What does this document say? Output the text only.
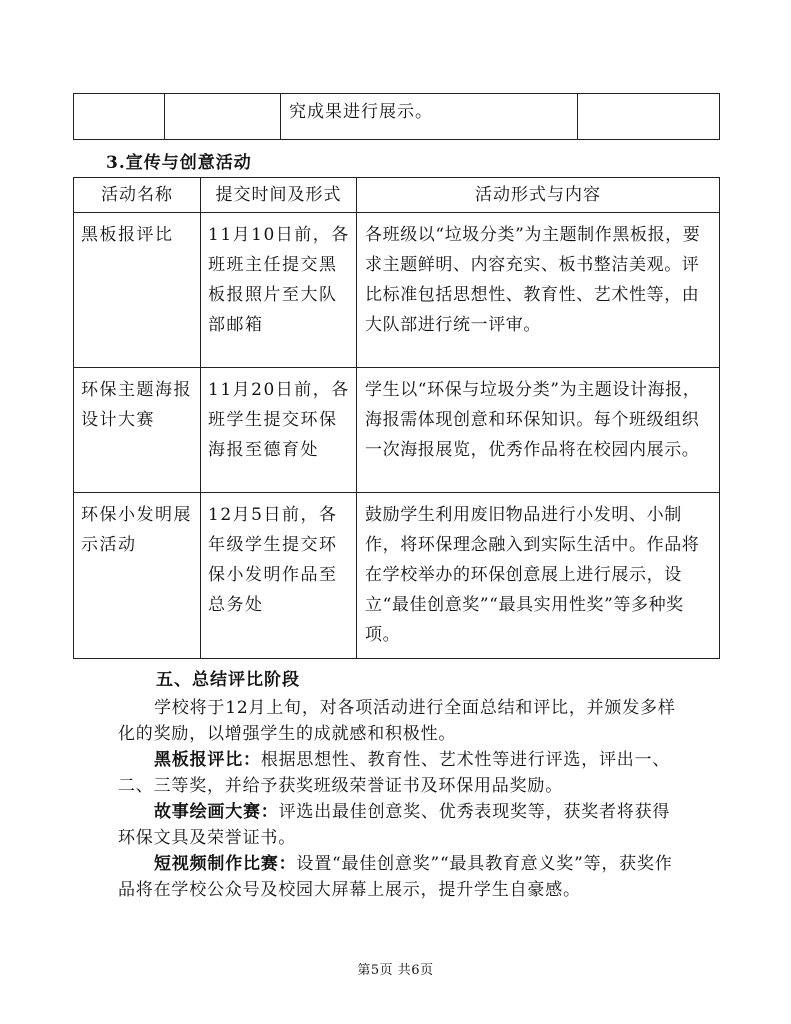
		究成果进行展示。	
3.宣传与创意活动
活动名称	提交时间及形式	活动形式与内容
黑板报评比	11月10日前，各班班主任提交黑板报照片至大队部邮箱	各班级以“垃圾分类”为主题制作黑板报，要求主题鲜明、内容充实、板书整洁美观。评比标准包括思想性、教育性、艺术性等，由大队部进行统一评审。
环保主题海报设计大赛	11月20日前，各班学生提交环保海报至德育处	学生以“环保与垃圾分类”为主题设计海报，海报需体现创意和环保知识。每个班级组织一次海报展览，优秀作品将在校园内展示。
环保小发明展示活动	12月5日前，各年级学生提交环保小发明作品至总务处	鼓励学生利用废旧物品进行小发明、小制作，将环保理念融入到实际生活中。作品将在学校举办的环保创意展上进行展示，设立“最佳创意奖”“最具实用性奖”等多种奖项。
五、总结评比阶段

学校将于12月上旬，对各项活动进行全面总结和评比，并颁发多样化的奖励，以增强学生的成就感和积极性。

黑板报评比：根据思想性、教育性、艺术性等进行评选，评出一、二、三等奖，并给予获奖班级荣誉证书及环保用品奖励。

故事绘画大赛：评选出最佳创意奖、优秀表现奖等，获奖者将获得环保文具及荣誉证书。

短视频制作比赛：设置“最佳创意奖”“最具教育意义奖”等，获奖作品将在学校公众号及校园大屏幕上展示，提升学生自豪感。

第5页 共6页
